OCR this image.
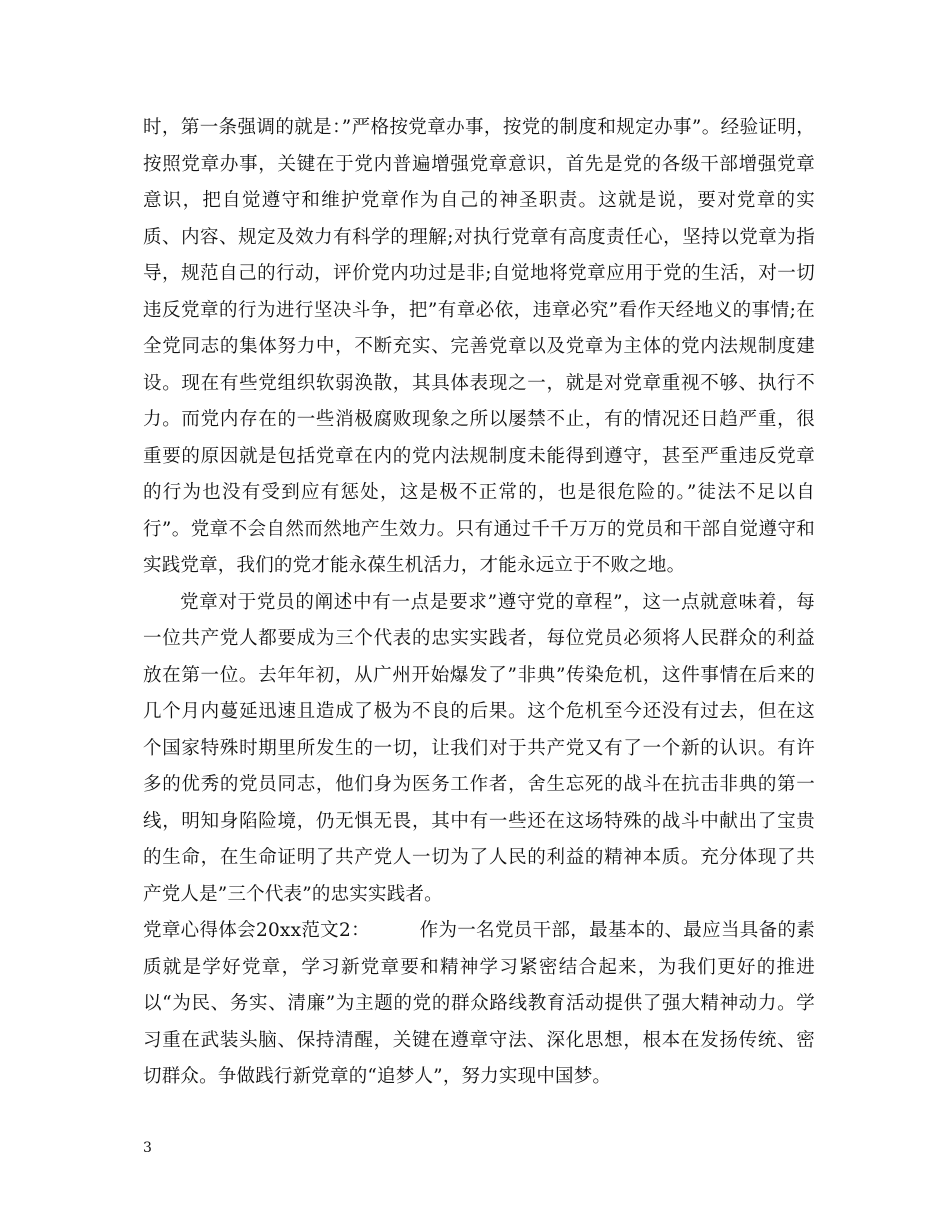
时，第一条强调的就是：”严格按党章办事，按党的制度和规定办事”。经验证明，按照党章办事，关键在于党内普遍增强党章意识，首先是党的各级干部增强党章意识，把自觉遵守和维护党章作为自己的神圣职责。这就是说，要对党章的实质、内容、规定及效力有科学的理解;对执行党章有高度责任心，坚持以党章为指导，规范自己的行动，评价党内功过是非;自觉地将党章应用于党的生活，对一切违反党章的行为进行坚决斗争，把”有章必依，违章必究”看作天经地义的事情;在全党同志的集体努力中，不断充实、完善党章以及党章为主体的党内法规制度建设。现在有些党组织软弱涣散，其具体表现之一，就是对党章重视不够、执行不力。而党内存在的一些消极腐败现象之所以屡禁不止，有的情况还日趋严重，很重要的原因就是包括党章在内的党内法规制度未能得到遵守，甚至严重违反党章的行为也没有受到应有惩处，这是极不正常的，也是很危险的。”徒法不足以自行”。党章不会自然而然地产生效力。只有通过千千万万的党员和干部自觉遵守和实践党章，我们的党才能永葆生机活力，才能永远立于不败之地。

党章对于党员的阐述中有一点是要求”遵守党的章程”，这一点就意味着，每一位共产党人都要成为三个代表的忠实实践者，每位党员必须将人民群众的利益放在第一位。去年年初，从广州开始爆发了”非典”传染危机，这件事情在后来的几个月内蔓延迅速且造成了极为不良的后果。这个危机至今还没有过去，但在这个国家特殊时期里所发生的一切，让我们对于共产党又有了一个新的认识。有许多的优秀的党员同志，他们身为医务工作者，舍生忘死的战斗在抗击非典的第一线，明知身陷险境，仍无惧无畏，其中有一些还在这场特殊的战斗中献出了宝贵的生命，在生命证明了共产党人一切为了人民的利益的精神本质。充分体现了共产党人是”三个代表”的忠实实践者。

党章心得体会20xx范文2：        作为一名党员干部，最基本的、最应当具备的素质就是学好党章，学习新党章要和精神学习紧密结合起来，为我们更好的推进以“为民、务实、清廉”为主题的党的群众路线教育活动提供了强大精神动力。学习重在武装头脑、保持清醒，关键在遵章守法、深化思想，根本在发扬传统、密切群众。争做践行新党章的“追梦人”，努力实现中国梦。

3
